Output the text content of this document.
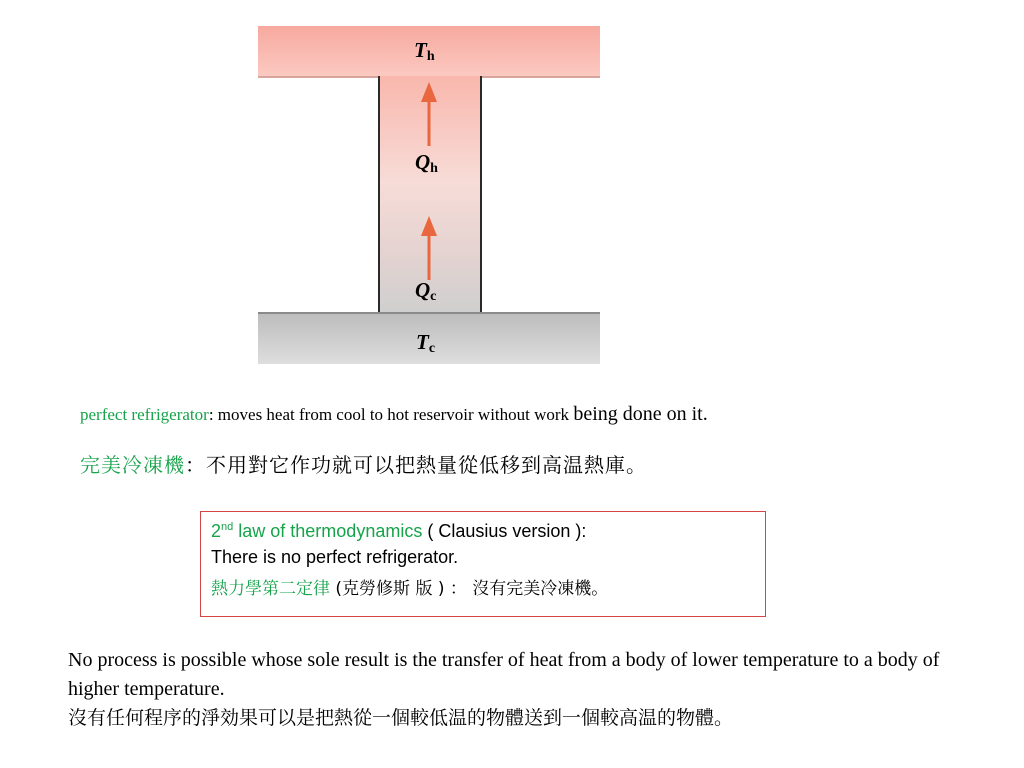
$T_h$
$Q_h$
$Q_c$
$T_c$
perfect refrigerator: moves heat from cool to hot reservoir without work being done on it.
完美冷凍機：不用對它作功就可以把熱量從低移到高温熱庫。
2nd law of thermodynamics ( Clausius version ):
There is no perfect refrigerator.
熱力學第二定律 (克勞修斯 版 ) ： 沒有完美冷凍機。
No process is possible whose sole result is the transfer of heat from a body of lower temperature to a body of higher temperature.
沒有任何程序的淨効果可以是把熱從一個較低温的物體送到一個較高温的物體。
